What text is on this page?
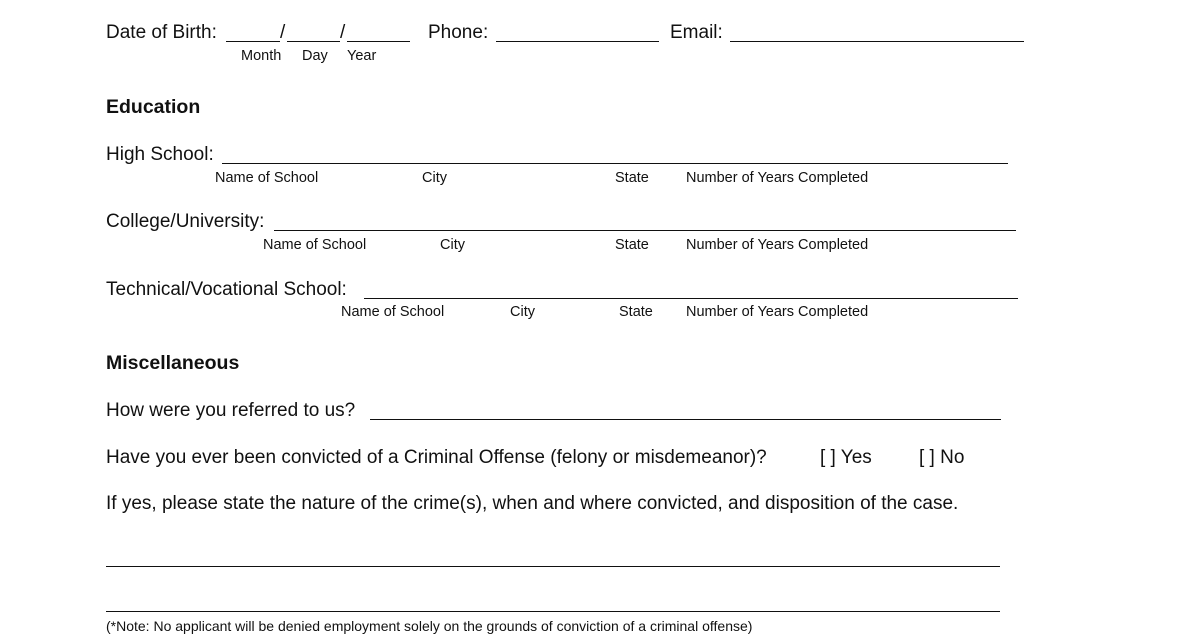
Date of Birth:	/	/
Month Day Year
Phone:	Email:
Education
High School:
Name of School	City	State	Number of Years Completed
College/University:
Name of School	City	State	Number of Years Completed
Technical/Vocational School:
Name of School	City	State Number of Years Completed
Miscellaneous
How were you referred to us?
Have you ever been convicted of a Criminal Offense (felony or misdemeanor)?	[ ] Yes [ ] No
If yes, please state the nature of the crime(s), when and where convicted, and disposition of the case.
(*Note: No applicant will be denied employment solely on the grounds of conviction of a criminal offense)
